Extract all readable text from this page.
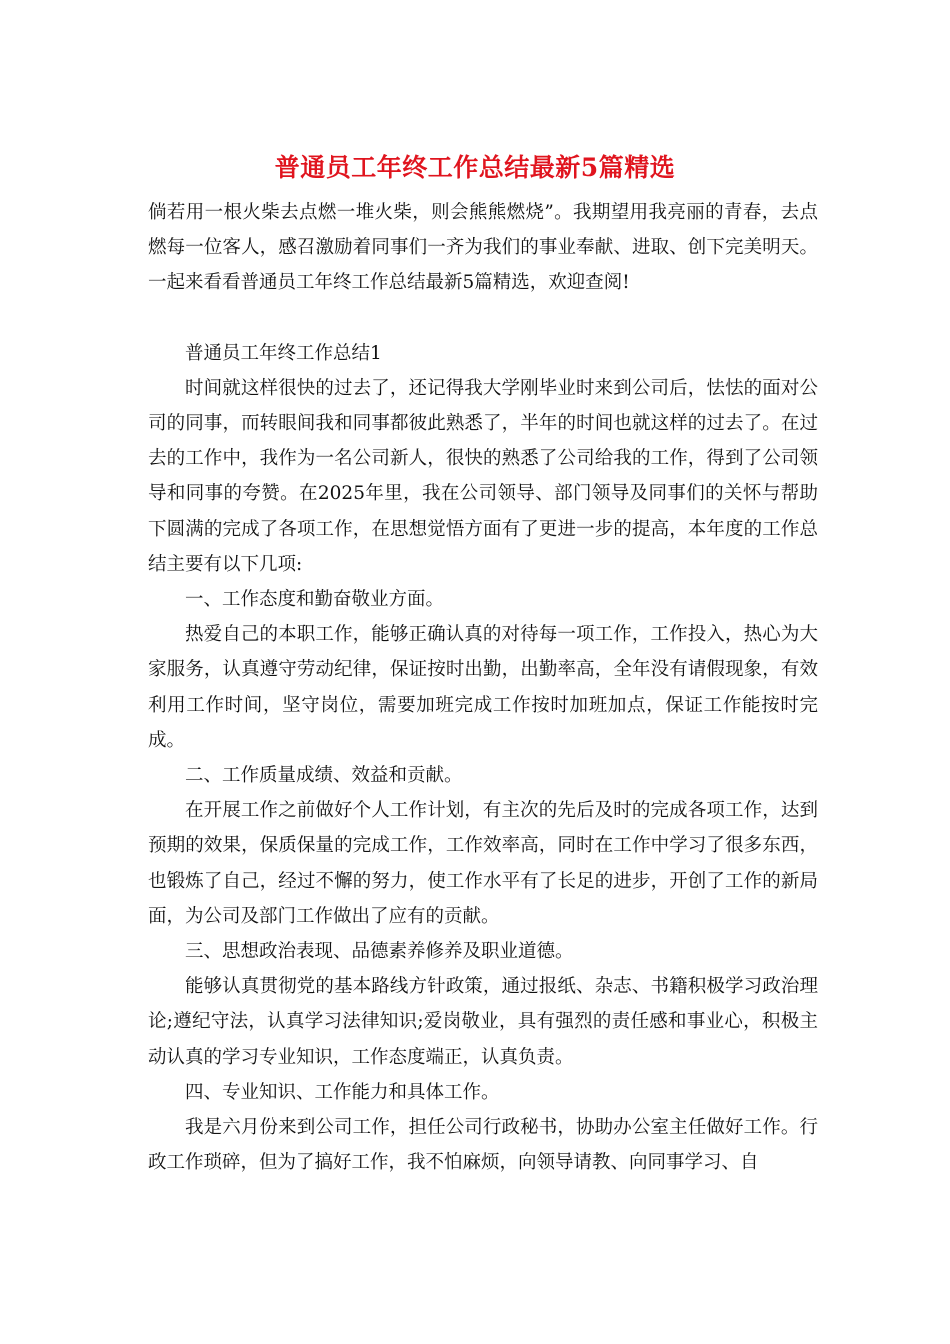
普通员工年终工作总结最新5篇精选

倘若用一根火柴去点燃一堆火柴，则会熊熊燃烧”。我期望用我亮丽的青春，去点燃每一位客人，感召激励着同事们一齐为我们的事业奉献、进取、创下完美明天。一起来看看普通员工年终工作总结最新5篇精选，欢迎查阅!

普通员工年终工作总结1

时间就这样很快的过去了，还记得我大学刚毕业时来到公司后，怯怯的面对公司的同事，而转眼间我和同事都彼此熟悉了，半年的时间也就这样的过去了。在过去的工作中，我作为一名公司新人，很快的熟悉了公司给我的工作，得到了公司领导和同事的夸赞。在2025年里，我在公司领导、部门领导及同事们的关怀与帮助下圆满的完成了各项工作，在思想觉悟方面有了更进一步的提高，本年度的工作总结主要有以下几项:

一、工作态度和勤奋敬业方面。

热爱自己的本职工作，能够正确认真的对待每一项工作，工作投入，热心为大家服务，认真遵守劳动纪律，保证按时出勤，出勤率高，全年没有请假现象，有效利用工作时间，坚守岗位，需要加班完成工作按时加班加点，保证工作能按时完成。

二、工作质量成绩、效益和贡献。

在开展工作之前做好个人工作计划，有主次的先后及时的完成各项工作，达到预期的效果，保质保量的完成工作，工作效率高，同时在工作中学习了很多东西，也锻炼了自己，经过不懈的努力，使工作水平有了长足的进步，开创了工作的新局面，为公司及部门工作做出了应有的贡献。

三、思想政治表现、品德素养修养及职业道德。

能够认真贯彻党的基本路线方针政策，通过报纸、杂志、书籍积极学习政治理论;遵纪守法，认真学习法律知识;爱岗敬业，具有强烈的责任感和事业心，积极主动认真的学习专业知识，工作态度端正，认真负责。

四、专业知识、工作能力和具体工作。

我是六月份来到公司工作，担任公司行政秘书，协助办公室主任做好工作。行政工作琐碎，但为了搞好工作，我不怕麻烦，向领导请教、向同事学习、自
